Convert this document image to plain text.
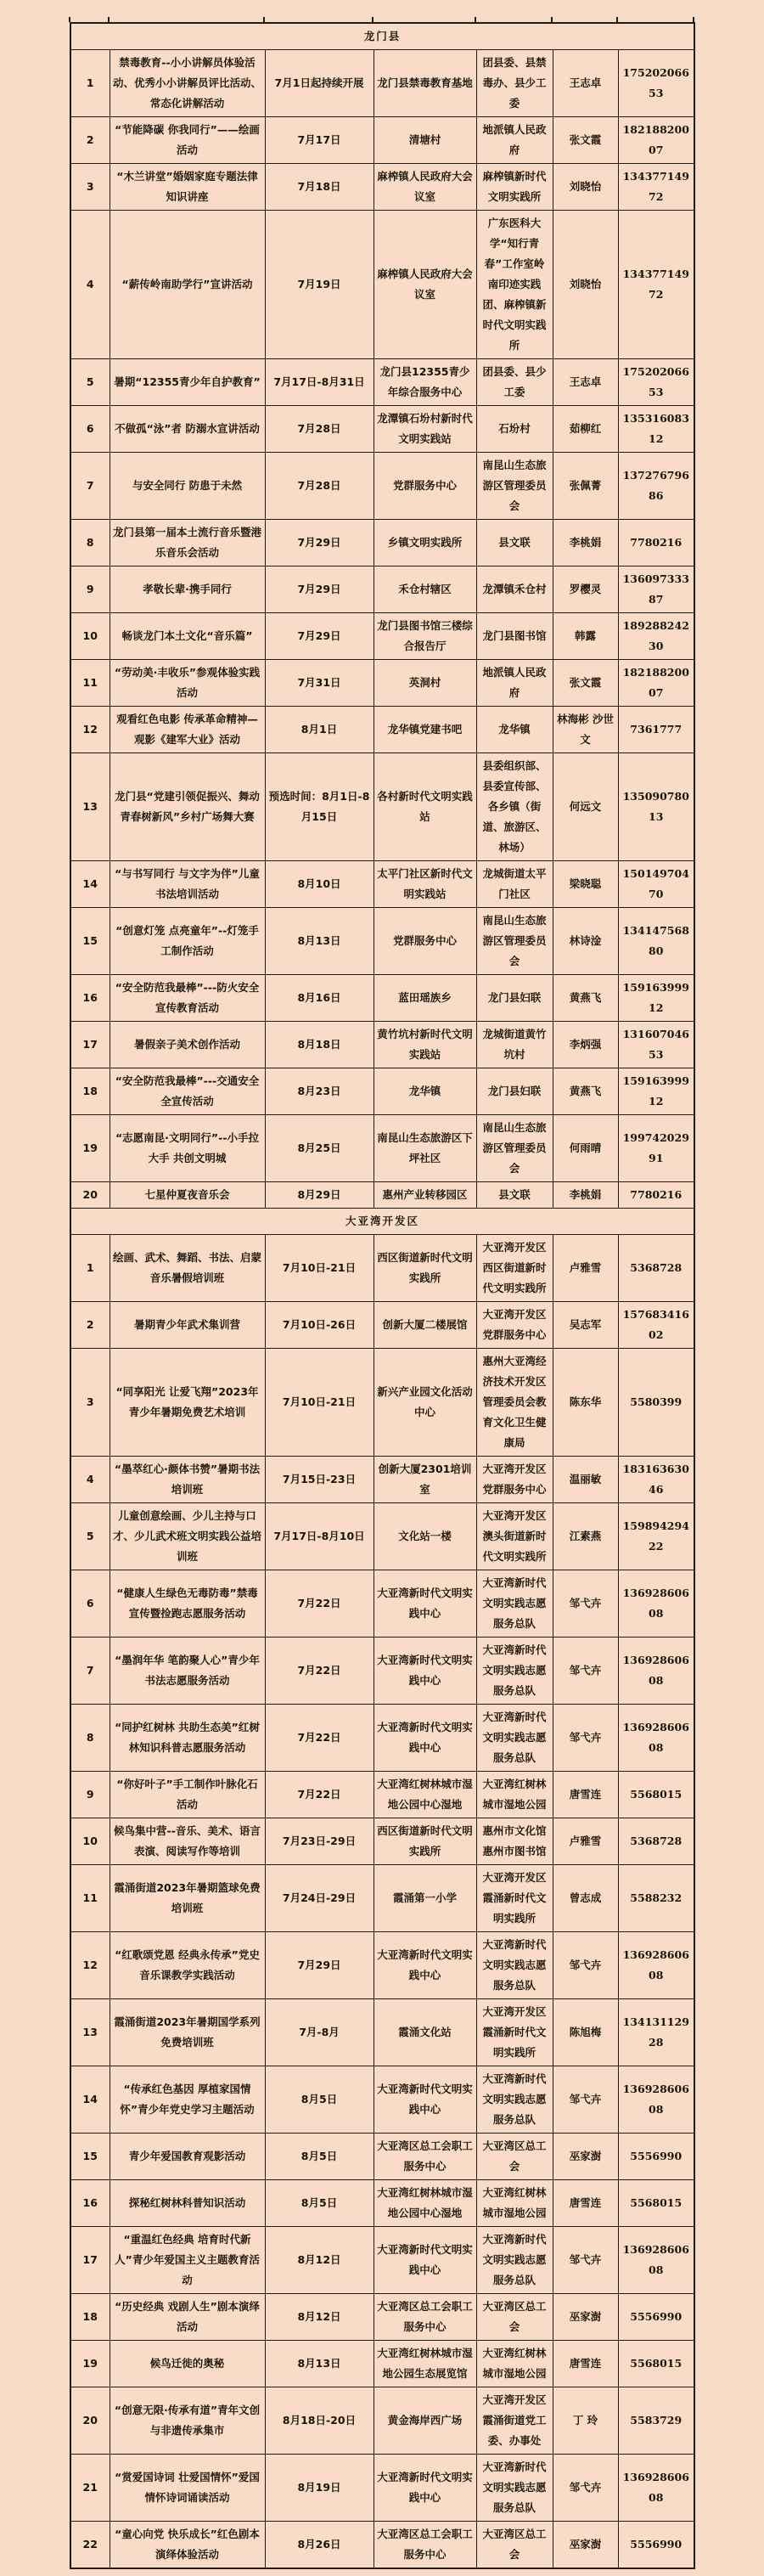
龙门县						
1	禁毒教育--小小讲解员体验活动、优秀小小讲解员评比活动、常态化讲解活动	7月1日起持续开展	龙门县禁毒教育基地	团县委、县禁毒办、县少工委	王志卓	17520206653
2	“节能降碳 你我同行”——绘画活动	7月17日	清塘村	地派镇人民政府	张文霞	18218820007
3	“木兰讲堂”婚姻家庭专题法律知识讲座	7月18日	麻榨镇人民政府大会议室	麻榨镇新时代文明实践所	刘晓怡	13437714972
4	“薪传岭南助学行”宣讲活动	7月19日	麻榨镇人民政府大会议室	广东医科大学“知行青春”工作室岭南印迹实践团、麻榨镇新时代文明实践所	刘晓怡	13437714972
5	暑期“12355青少年自护教育”	7月17日-8月31日	龙门县12355青少年综合服务中心	团县委、县少工委	王志卓	17520206653
6	不做孤“泳”者 防溺水宣讲活动	7月28日	龙潭镇石坋村新时代文明实践站	石坋村	茹柳红	13531608312
7	与安全同行 防患于未然	7月28日	党群服务中心	南昆山生态旅游区管理委员会	张佩菁	13727679686
8	龙门县第一届本土流行音乐暨港乐音乐会活动	7月29日	乡镇文明实践所	县文联	李桃娟	7780216
9	孝敬长辈·携手同行	7月29日	禾仓村辖区	龙潭镇禾仓村	罗樱灵	13609733387
10	畅谈龙门本土文化“音乐篇”	7月29日	龙门县图书馆三楼综合报告厅	龙门县图书馆	韩露	18928824230
11	“劳动美·丰收乐”参观体验实践活动	7月31日	英洞村	地派镇人民政府	张文霞	18218820007
12	观看红色电影 传承革命精神—观影《建军大业》活动	8月1日	龙华镇党建书吧	龙华镇	林海彬 沙世文	7361777
13	龙门县“党建引领促振兴、舞动青春树新风”乡村广场舞大赛	预选时间：8月1日-8月15日	各村新时代文明实践站	县委组织部、县委宣传部、各乡镇（街道、旅游区、林场）	何远文	13509078013
14	“与书写同行 与文字为伴”儿童书法培训活动	8月10日	太平门社区新时代文明实践站	龙城街道太平门社区	梁晓聪	15014970470
15	“创意灯笼 点亮童年”--灯笼手工制作活动	8月13日	党群服务中心	南昆山生态旅游区管理委员会	林诗淦	13414756880
16	“安全防范我最棒”---防火安全宣传教育活动	8月16日	蓝田瑶族乡	龙门县妇联	黄燕飞	15916399912
17	暑假亲子美术创作活动	8月18日	黄竹坑村新时代文明实践站	龙城街道黄竹坑村	李炳强	13160704653
18	“安全防范我最棒”---交通安全全宣传活动	8月23日	龙华镇	龙门县妇联	黄燕飞	15916399912
19	“志愿南昆·文明同行”--小手拉大手 共创文明城	8月25日	南昆山生态旅游区下坪社区	南昆山生态旅游区管理委员会	何雨晴	19974202991
20	七星仲夏夜音乐会	8月29日	惠州产业转移园区	县文联	李桃娟	7780216
大亚湾开发区						
1	绘画、武术、舞蹈、书法、启蒙音乐暑假培训班	7月10日-21日	西区街道新时代文明实践所	大亚湾开发区西区街道新时代文明实践所	卢雅雪	5368728
2	暑期青少年武术集训营	7月10日-26日	创新大厦二楼展馆	大亚湾开发区党群服务中心	吴志军	15768341602
3	“同享阳光 让爱飞翔”2023年青少年暑期免费艺术培训	7月10日-21日	新兴产业园文化活动中心	惠州大亚湾经济技术开发区管理委员会教育文化卫生健康局	陈东华	5580399
4	“墨萃红心·颜体书赞”暑期书法培训班	7月15日-23日	创新大厦2301培训室	大亚湾开发区党群服务中心	温丽敏	18316363046
5	儿童创意绘画、少儿主持与口才、少儿武术班文明实践公益培训班	7月17日-8月10日	文化站一楼	大亚湾开发区澳头街道新时代文明实践所	江素燕	15989429422
6	“健康人生绿色无毒防毒”禁毒宣传暨捡跑志愿服务活动	7月22日	大亚湾新时代文明实践中心	大亚湾新时代文明实践志愿服务总队	邹弋卉	13692860608
7	“墨润年华 笔韵聚人心”青少年书法志愿服务活动	7月22日	大亚湾新时代文明实践中心	大亚湾新时代文明实践志愿服务总队	邹弋卉	13692860608
8	“同护红树林 共助生态美”红树林知识科普志愿服务活动	7月22日	大亚湾新时代文明实践中心	大亚湾新时代文明实践志愿服务总队	邹弋卉	13692860608
9	“你好叶子”手工制作叶脉化石活动	7月22日	大亚湾红树林城市湿地公园中心湿地	大亚湾红树林城市湿地公园	唐雪连	5568015
10	候鸟集中营--音乐、美术、语言表演、阅读写作等培训	7月23日-29日	西区街道新时代文明实践所	惠州市文化馆 惠州市图书馆	卢雅雪	5368728
11	霞涌街道2023年暑期篮球免费培训班	7月24日-29日	霞涌第一小学	大亚湾开发区霞涌新时代文明实践所	曾志成	5588232
12	“红歌颂党恩 经典永传承”党史音乐课教学实践活动	7月29日	大亚湾新时代文明实践中心	大亚湾新时代文明实践志愿服务总队	邹弋卉	13692860608
13	霞涌街道2023年暑期国学系列免费培训班	7月-8月	霞涌文化站	大亚湾开发区霞涌新时代文明实践所	陈旭梅	13413112928
14	“传承红色基因 厚植家国情怀”青少年党史学习主题活动	8月5日	大亚湾新时代文明实践中心	大亚湾新时代文明实践志愿服务总队	邹弋卉	13692860608
15	青少年爱国教育观影活动	8月5日	大亚湾区总工会职工服务中心	大亚湾区总工会	巫家澍	5556990
16	探秘红树林科普知识活动	8月5日	大亚湾红树林城市湿地公园中心湿地	大亚湾红树林城市湿地公园	唐雪连	5568015
17	“重温红色经典 培育时代新人”青少年爱国主义主题教育活动	8月12日	大亚湾新时代文明实践中心	大亚湾新时代文明实践志愿服务总队	邹弋卉	13692860608
18	“历史经典 戏剧人生”剧本演绎活动	8月12日	大亚湾区总工会职工服务中心	大亚湾区总工会	巫家澍	5556990
19	候鸟迁徙的奥秘	8月13日	大亚湾红树林城市湿地公园生态展览馆	大亚湾红树林城市湿地公园	唐雪连	5568015
20	“创意无限·传承有道”青年文创与非遗传承集市	8月18日-20日	黄金海岸西广场	大亚湾开发区霞涌街道党工委、办事处	丁 玲	5583729
21	“赏爱国诗词 壮爱国情怀”爱国情怀诗词诵读活动	8月19日	大亚湾新时代文明实践中心	大亚湾新时代文明实践志愿服务总队	邹弋卉	13692860608
22	“童心向党 快乐成长”红色剧本演绎体验活动	8月26日	大亚湾区总工会职工服务中心	大亚湾区总工会	巫家澍	5556990
